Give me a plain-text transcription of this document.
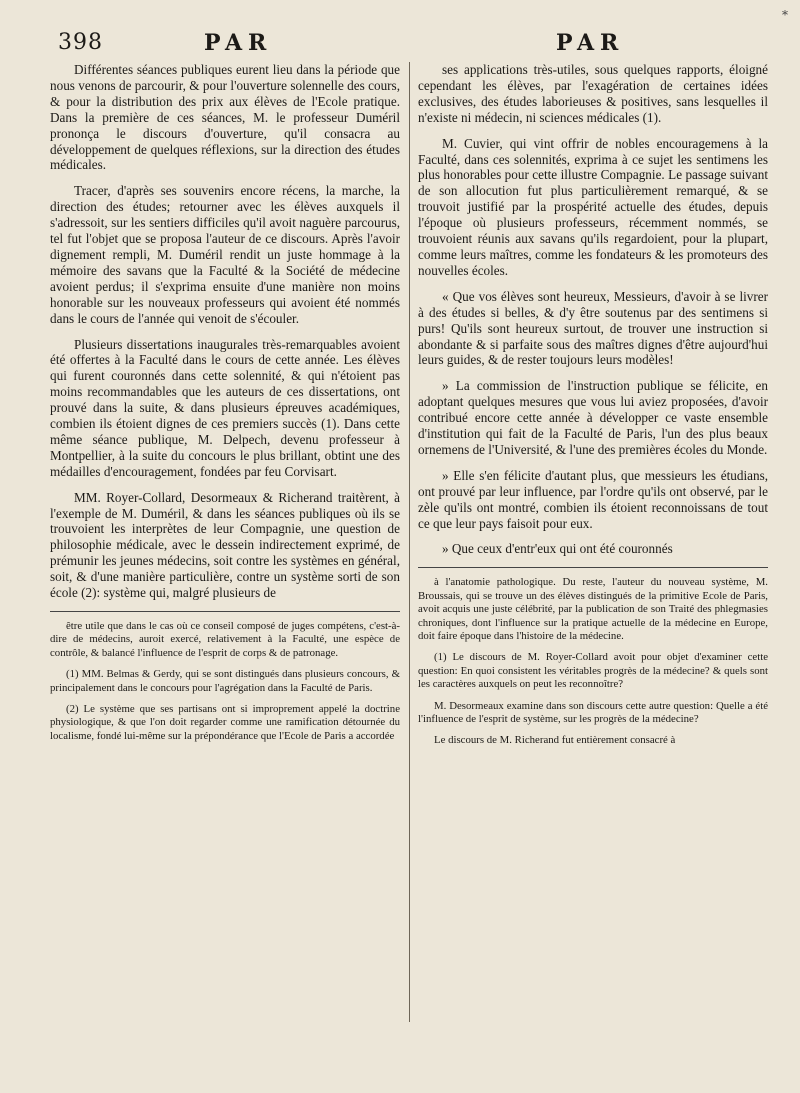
398	PAR	PAR
*

Différentes séances publiques eurent lieu dans la période que nous venons de parcourir, & pour l'ouverture solennelle des cours, & pour la distribution des prix aux élèves de l'Ecole pratique. Dans la première de ces séances, M. le professeur Duméril prononça le discours d'ouverture, qu'il consacra au développement de quelques réflexions, sur la direction des études médicales.

Tracer, d'après ses souvenirs encore récens, la marche, la direction des études; retourner avec les élèves auxquels il s'adressoit, sur les sentiers difficiles qu'il avoit naguère parcourus, tel fut l'objet que se proposa l'auteur de ce discours. Après l'avoir dignement rempli, M. Duméril rendit un juste hommage à la mémoire des savans que la Faculté & la Société de médecine avoient perdus; il s'exprima ensuite d'une manière non moins honorable sur les nouveaux professeurs qui avoient été nommés dans le cours de l'année qui venoit de s'écouler.

Plusieurs dissertations inaugurales très-remarquables avoient été offertes à la Faculté dans le cours de cette année. Les élèves qui furent couronnés dans cette solennité, & qui n'étoient pas moins recommandables que les auteurs de ces dissertations, ont prouvé dans la suite, & dans plusieurs épreuves académiques, combien ils étoient dignes de ces premiers succès (1). Dans cette même séance publique, M. Delpech, devenu professeur à Montpellier, à la suite du concours le plus brillant, obtint une des médailles d'encouragement, fondées par feu Corvisart.

MM. Royer-Collard, Desormeaux & Richerand traitèrent, à l'exemple de M. Duméril, & dans les séances publiques où ils se trouvoient les interprètes de leur Compagnie, une question de philosophie médicale, avec le dessein indirectement exprimé, de prémunir les jeunes médecins, soit contre les systèmes en général, soit, & d'une manière particulière, contre un système sorti de son école (2): système qui, malgré plusieurs de

être utile que dans le cas où ce conseil composé de juges compétens, c'est-à-dire de médecins, auroit exercé, relativement à la Faculté, une espèce de contrôle, & balancé l'influence de l'esprit de corps & de patronage.

(1) MM. Belmas & Gerdy, qui se sont distingués dans plusieurs concours, & principalement dans le concours pour l'agrégation dans la Faculté de Paris.

(2) Le système que ses partisans ont si improprement appelé la doctrine physiologique, & que l'on doit regarder comme une ramification détournée du localisme, fondé lui-même sur la prépondérance que l'Ecole de Paris a accordée

ses applications très-utiles, sous quelques rapports, éloigné cependant les élèves, par l'exagération de certaines idées exclusives, des études laborieuses & positives, sans lesquelles il n'existe ni médecin, ni sciences médicales (1).

M. Cuvier, qui vint offrir de nobles encouragemens à la Faculté, dans ces solennités, exprima à ce sujet les sentimens les plus honorables pour cette illustre Compagnie. Le passage suivant de son allocution fut plus particulièrement remarqué, & se trouvoit justifié par la prospérité actuelle des études, depuis l'époque où plusieurs professeurs, récemment nommés, se trouvoient réunis aux savans qu'ils regardoient, pour la plupart, comme leurs maîtres, comme les fondateurs & les promoteurs des nouvelles écoles.

« Que vos élèves sont heureux, Messieurs, d'avoir à se livrer à des études si belles, & d'y être soutenus par des sentimens si purs! Qu'ils sont heureux surtout, de trouver une instruction si abondante & si parfaite sous des maîtres dignes d'être aujourd'hui leurs guides, & de rester toujours leurs modèles!

» La commission de l'instruction publique se félicite, en adoptant quelques mesures que vous lui aviez proposées, d'avoir contribué encore cette année à développer ce vaste ensemble d'institution qui fait de la Faculté de Paris, l'un des plus beaux ornemens de l'Université, & l'une des premières écoles du Monde.

» Elle s'en félicite d'autant plus, que messieurs les étudians, ont prouvé par leur influence, par l'ordre qu'ils ont observé, par le zèle qu'ils ont montré, combien ils étoient reconnoissans de tout ce que leur pays faisoit pour eux.

» Que ceux d'entr'eux qui ont été couronnés

à l'anatomie pathologique. Du reste, l'auteur du nouveau système, M. Broussais, qui se trouve un des élèves distingués de la primitive Ecole de Paris, avoit acquis une juste célébrité, par la publication de son Traité des phlegmasies chroniques, dont l'influence sur la pratique actuelle de la médecine en Europe, doit faire époque dans l'histoire de la médecine.

(1) Le discours de M. Royer-Collard avoit pour objet d'examiner cette question: En quoi consistent les véritables progrès de la médecine? & quels sont les caractères auxquels on peut les reconnoître?

M. Desormeaux examine dans son discours cette autre question: Quelle a été l'influence de l'esprit de système, sur les progrès de la médecine?

Le discours de M. Richerand fut entièrement consacré à
